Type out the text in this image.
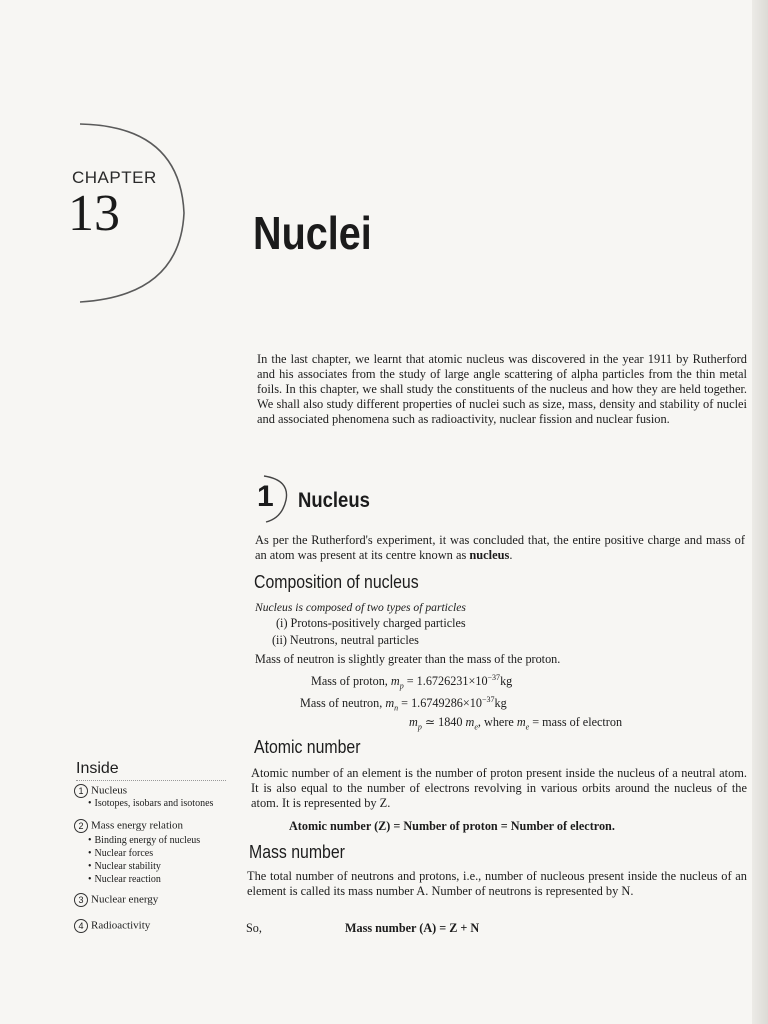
CHAPTER
13	Nuclei
In the last chapter, we learnt that atomic nucleus was discovered in the year 1911 by Rutherford and his associates from the study of large angle scattering of alpha particles from the thin metal foils. In this chapter, we shall study the constituents of the nucleus and how they are held together. We shall also study different properties of nuclei such as size, mass, density and stability of nuclei and associated phenomena such as radioactivity, nuclear fission and nuclear fusion.
1 Nucleus
As per the Rutherford's experiment, it was concluded that, the entire positive charge and mass of an atom was present at its centre known as nucleus.
Composition of nucleus
Nucleus is composed of two types of particles
(i) Protons-positively charged particles
(ii) Neutrons, neutral particles
Mass of neutron is slightly greater than the mass of the proton.
Mass of proton, $m_p = 1.6726231\times 10^{-37}kg$
Mass of neutron, $m_n = 1.6749286\times 10^{-37}kg$
$m_p$ ≃ 1840 $m_e$, where $m_e$ = mass of electron
Atomic number
Atomic number of an element is the number of proton present inside the nucleus of a neutral atom. It is also equal to the number of electrons revolving in various orbits around the nucleus of the atom. It is represented by Z.
Atomic number (Z) = Number of proton = Number of electron.
Mass number
The total number of neutrons and protons, i.e., number of nucleous present inside the nucleus of an element is called its mass number A. Number of neutrons is represented by N.
So,	Mass number (A) = Z + N
Inside
1 Nucleus
• Isotopes, isobars and isotones
2 Mass energy relation
• Binding energy of nucleus
• Nuclear forces
• Nuclear stability
• Nuclear reaction
3 Nuclear energy
4 Radioactivity
